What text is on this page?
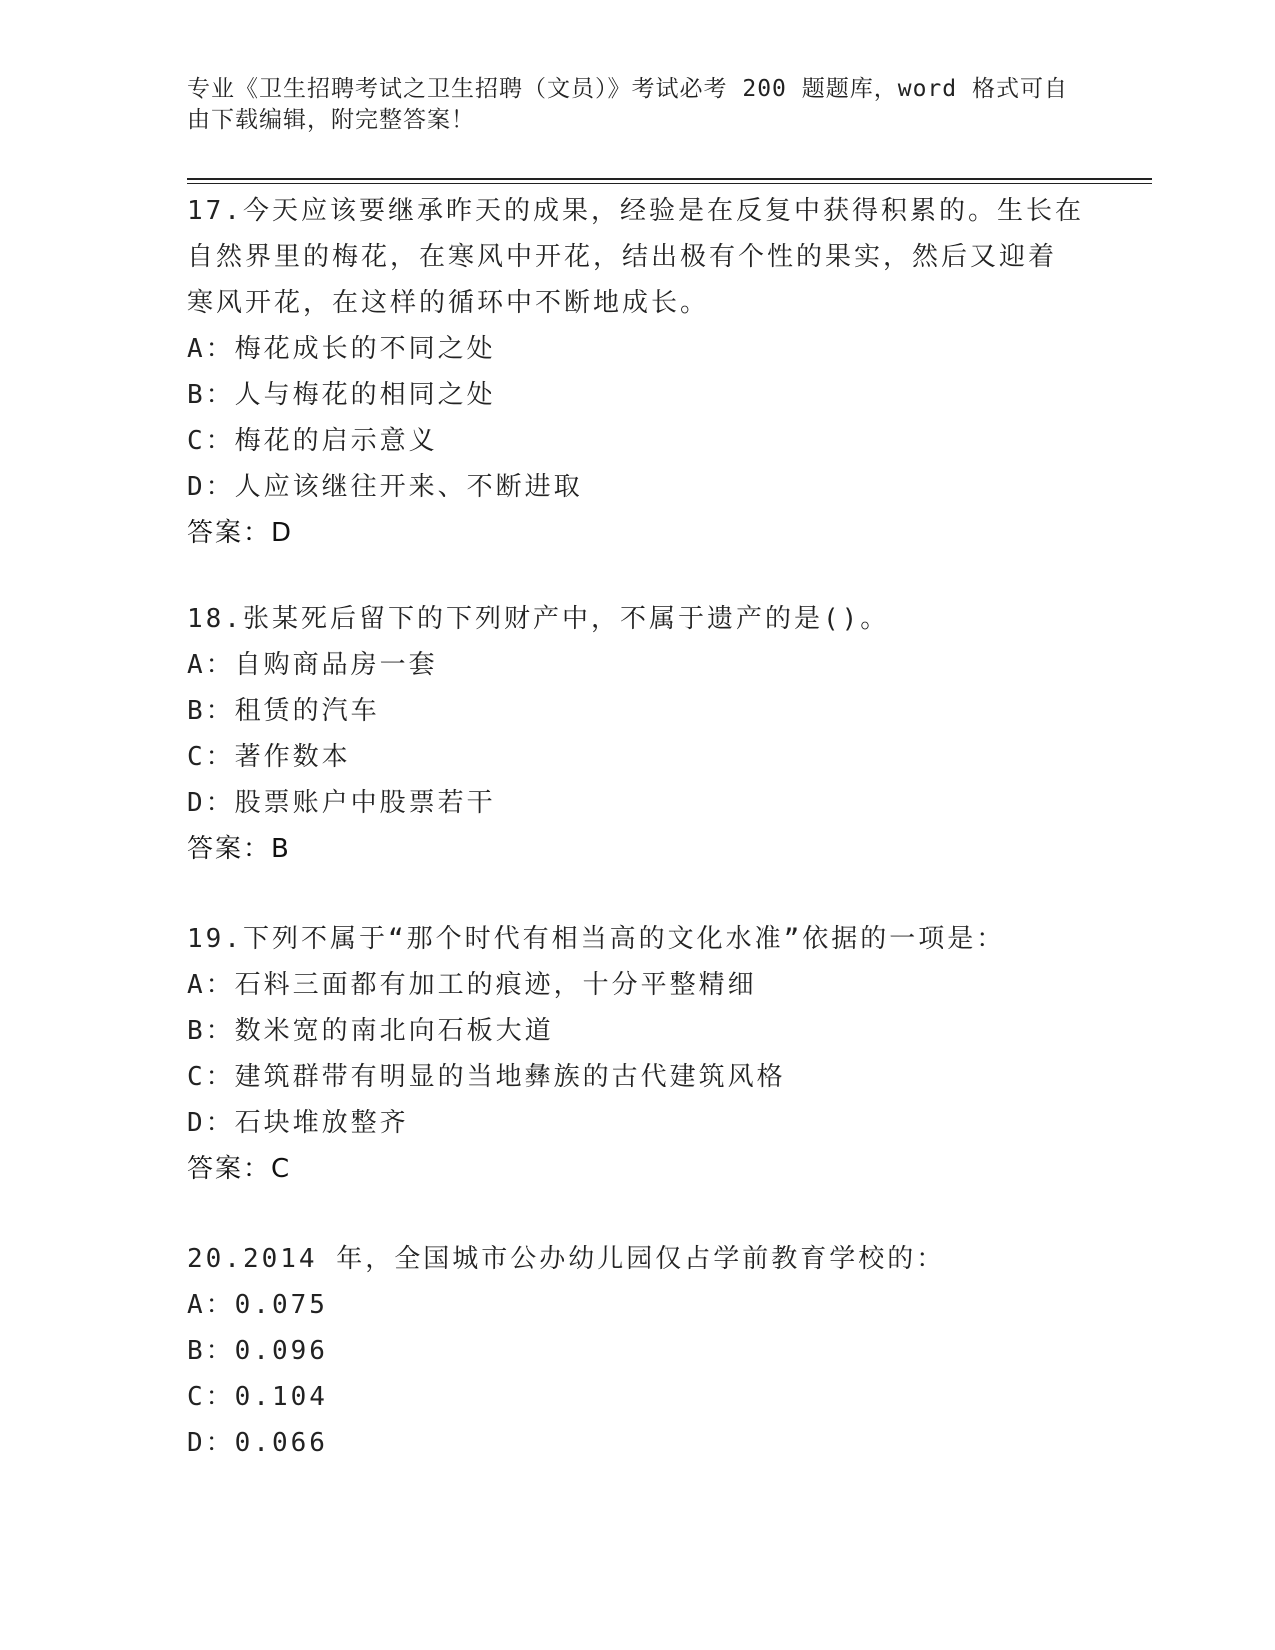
专业《卫生招聘考试之卫生招聘（文员）》考试必考 200 题题库，word 格式可自
由下载编辑，附完整答案！

17.今天应该要继承昨天的成果，经验是在反复中获得积累的。生长在

自然界里的梅花，在寒风中开花，结出极有个性的果实，然后又迎着

寒风开花，在这样的循环中不断地成长。

A：梅花成长的不同之处

B：人与梅花的相同之处

C：梅花的启示意义

D：人应该继往开来、不断进取

答案：D

18.张某死后留下的下列财产中，不属于遗产的是()。

A：自购商品房一套

B：租赁的汽车

C：著作数本

D：股票账户中股票若干

答案：B

19.下列不属于“那个时代有相当高的文化水准”依据的一项是：

A：石料三面都有加工的痕迹，十分平整精细

B：数米宽的南北向石板大道

C：建筑群带有明显的当地彝族的古代建筑风格

D：石块堆放整齐

答案：C

20.2014 年，全国城市公办幼儿园仅占学前教育学校的：

A：0.075

B：0.096

C：0.104

D：0.066
